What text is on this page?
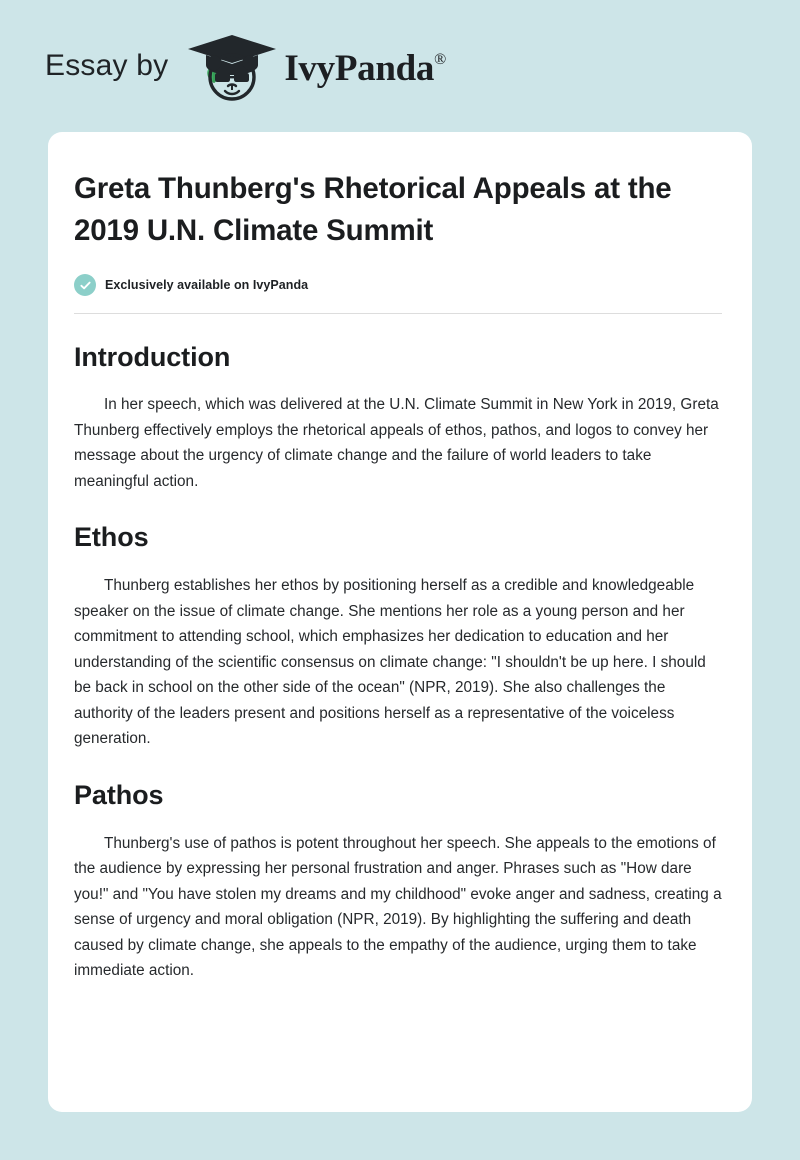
Essay by	IvyPanda®
Greta Thunberg's Rhetorical Appeals at the 2019 U.N. Climate Summit
Exclusively available on IvyPanda
Introduction

In her speech, which was delivered at the U.N. Climate Summit in New York in 2019, Greta Thunberg effectively employs the rhetorical appeals of ethos, pathos, and logos to convey her message about the urgency of climate change and the failure of world leaders to take meaningful action.

Ethos

Thunberg establishes her ethos by positioning herself as a credible and knowledgeable speaker on the issue of climate change. She mentions her role as a young person and her commitment to attending school, which emphasizes her dedication to education and her understanding of the scientific consensus on climate change: "I shouldn't be up here. I should be back in school on the other side of the ocean" (NPR, 2019). She also challenges the authority of the leaders present and positions herself as a representative of the voiceless generation.

Pathos

Thunberg's use of pathos is potent throughout her speech. She appeals to the emotions of the audience by expressing her personal frustration and anger. Phrases such as "How dare you!" and "You have stolen my dreams and my childhood" evoke anger and sadness, creating a sense of urgency and moral obligation (NPR, 2019). By highlighting the suffering and death caused by climate change, she appeals to the empathy of the audience, urging them to take immediate action.
